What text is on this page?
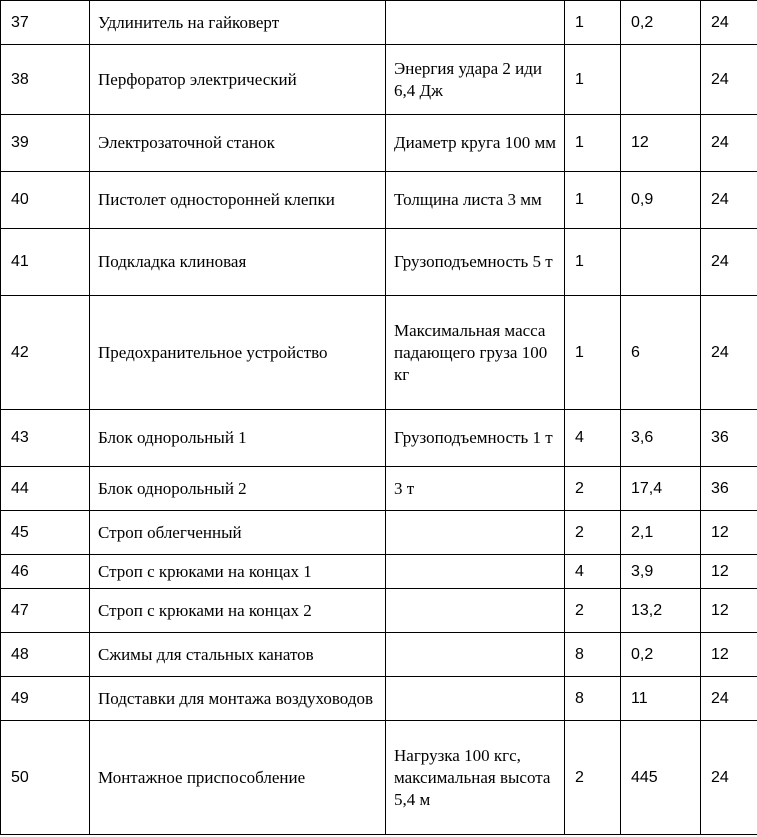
37	Удлинитель на гайковерт		1	0,2	24
38	Перфоратор электрический	Энергия удара 2 иди 6,4 Дж	1		24
39	Электрозаточной станок	Диаметр круга 100 мм	1	12	24
40	Пистолет односторонней клепки	Толщина листа 3 мм	1	0,9	24
41	Подкладка клиновая	Грузоподъемность 5 т	1		24
42	Предохранительное устройство	Максимальная масса падающего груза 100 кг	1	6	24
43	Блок однорольный 1	Грузоподъемность 1 т	4	3,6	36
44	Блок однорольный 2	3 т	2	17,4	36
45	Строп облегченный		2	2,1	12
46	Строп с крюками на концах 1		4	3,9	12
47	Строп с крюками на концах 2		2	13,2	12
48	Сжимы для стальных канатов		8	0,2	12
49	Подставки для монтажа воздуховодов		8	11	24
50	Монтажное приспособление	Нагрузка 100 кгс, максимальная высота 5,4 м	2	445	24
